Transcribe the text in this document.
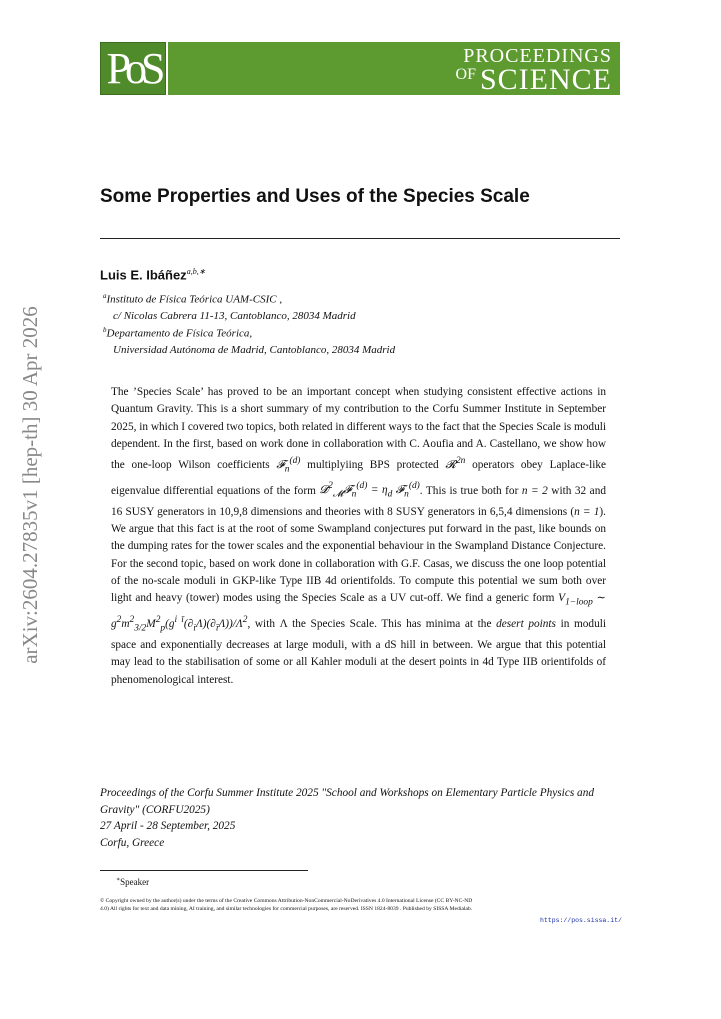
PoS	PROCEEDINGS
OF SCIENCE
arXiv:2604.27835v1 [hep-th] 30 Apr 2026
Some Properties and Uses of the Species Scale
Luis E. Ibáñez$^{a,b,∗}$
$^a$Instituto de Física Teórica UAM-CSIC ,
c/ Nicolas Cabrera 11-13, Cantoblanco, 28034 Madrid
$^b$Departamento de Física Teórica,
Universidad Autónoma de Madrid, Cantoblanco, 28034 Madrid

The ’Species Scale’ has proved to be an important concept when studying consistent effective actions in Quantum Gravity. This is a short summary of my contribution to the Corfu Summer Institute in September 2025, in which I covered two topics, both related in different ways to the fact that the Species Scale is moduli dependent. In the first, based on work done in collaboration with C. Aoufia and A. Castellano, we show how the one-loop Wilson coefficients 𝓕$_n^{(d)}$ multiplyiing BPS protected 𝓡$^{2n}$ operators obey Laplace-like eigenvalue differential equations of the form 𝓓$^2_𝓜$𝓕$_n^{(d)}$ = $\eta_d$ 𝓕$_n^{(d)}$. This is true both for n = 2 with 32 and 16 SUSY generators in 10,9,8 dimensions and theories with 8 SUSY generators in 6,5,4 dimensions (n = 1). We argue that this fact is at the root of some Swampland conjectures put forward in the past, like bounds on the dumping rates for the tower scales and the exponential behaviour in the Swampland Distance Conjecture. For the second topic, based on work done in collaboration with G.F. Casas, we discuss the one loop potential of the no-scale moduli in GKP-like Type IIB 4d orientifolds. To compute this potential we sum both over light and heavy (tower) modes using the Species Scale as a UV cut-off. We find a generic form $V_{1-loop}$ ∼ $g^2m^2_{3/2}M^2_p(g^{i ī}(\partial_i\Lambda)(\partial_ī\Lambda))/\Lambda^2$, with Λ the Species Scale. This has minima at the desert points in moduli space and exponentially decreases at large moduli, with a dS hill in between. We argue that this potential may lead to the stabilisation of some or all Kahler moduli at the desert points in 4d Type IIB orientifolds of phenomenological interest.

Proceedings of the Corfu Summer Institute 2025 "School and Workshops on Elementary Particle Physics and Gravity" (CORFU2025)
27 April - 28 September, 2025
Corfu, Greece
∗Speaker
© Copyright owned by the author(s) under the terms of the Creative Commons Attribution-NonCommercial-NoDerivatives 4.0 International License (CC BY-NC-ND 4.0) All rights for text and data mining, AI training, and similar technologies for commercial purposes, are reserved. ISSN 1824-8039 . Published by SISSA Medialab.
https://pos.sissa.it/
